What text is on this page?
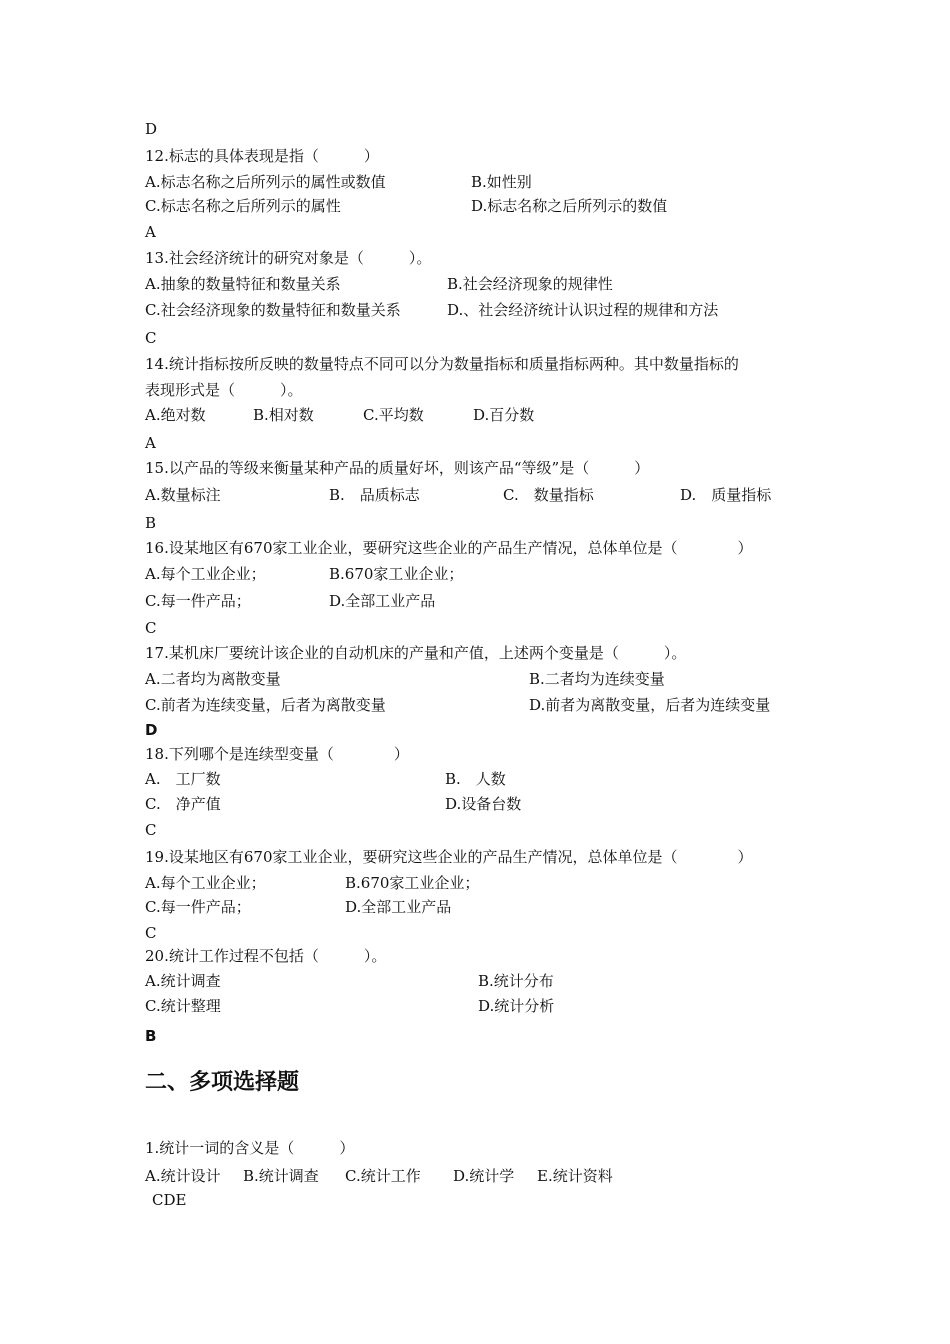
D
12.标志的具体表现是指（　　　）
A.标志名称之后所列示的属性或数值	B.如性别
C.标志名称之后所列示的属性	D.标志名称之后所列示的数值
A
13.社会经济统计的研究对象是（　　　）。
A.抽象的数量特征和数量关系	B.社会经济现象的规律性
C.社会经济现象的数量特征和数量关系	D.、社会经济统计认识过程的规律和方法
C
14.统计指标按所反映的数量特点不同可以分为数量指标和质量指标两种。其中数量指标的
表现形式是（　　　）。
A.绝对数	B.相对数	C.平均数	D.百分数
A
15.以产品的等级来衡量某种产品的质量好坏，则该产品“等级”是（　　　）
A.数量标注	B.　品质标志	C.　数量指标	D.　质量指标
B
16.设某地区有670家工业企业，要研究这些企业的产品生产情况，总体单位是（　　　　）
A.每个工业企业；	B.670家工业企业；
C.每一件产品；	D.全部工业产品
C
17.某机床厂要统计该企业的自动机床的产量和产值，上述两个变量是（　　　）。
A.二者均为离散变量	B.二者均为连续变量
C.前者为连续变量，后者为离散变量	D.前者为离散变量，后者为连续变量
D
18.下列哪个是连续型变量（　　　　）
A.　工厂数	B.　人数
C.　净产值	D.设备台数
C
19.设某地区有670家工业企业，要研究这些企业的产品生产情况，总体单位是（　　　　）
A.每个工业企业；	B.670家工业企业；
C.每一件产品；	D.全部工业产品
C
20.统计工作过程不包括（　　　）。
A.统计调查	B.统计分布
C.统计整理	D.统计分析
B
二、多项选择题
1.统计一词的含义是（　　　）
A.统计设计 B.统计调查 C.统计工作 D.统计学 E.统计资料
CDE
